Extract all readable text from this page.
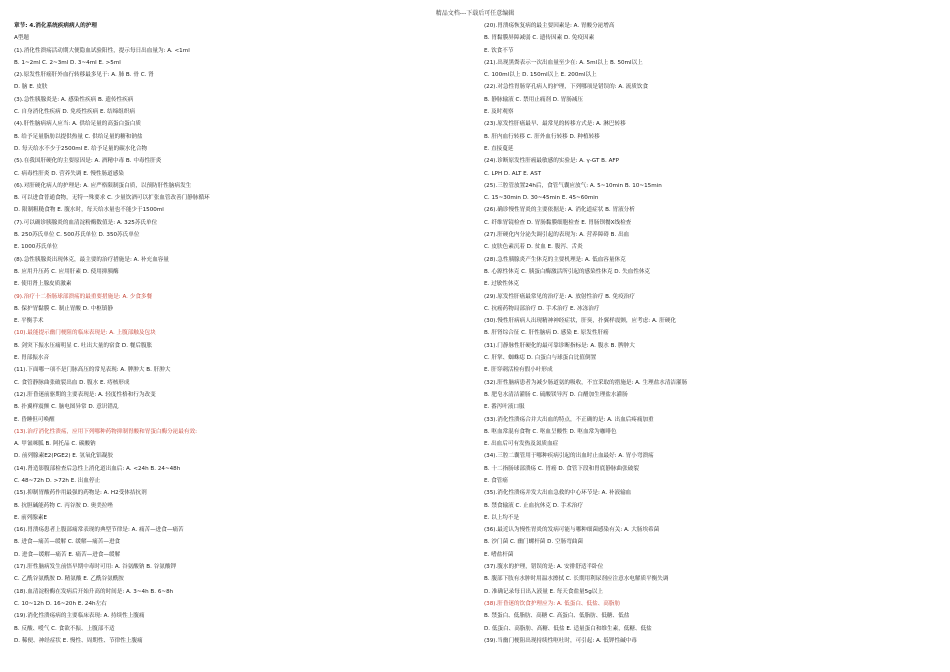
精品文档---下载后可任意编辑
章节: 4.消化系统疾病病人的护理
A型题
(1).消化性溃疡活动期大便隐血试验阳性，提示每日出血量为: A. <1ml
B. 1~2ml C. 2~3ml D. 3~4ml E. >5ml
(2).原发性肝癌肝外血行转移最多见于: A. 肺 B. 骨 C. 肾
D. 脑 E. 皮肤
(3).急性胰腺炎是: A. 感染性疾病 B. 遗传性疾病
C. 自身消化性疾病 D. 免疫性疾病 E. 结缔组织病
(4).肝性脑病病人应当: A. 供给足量的高蛋白蛋白质
B. 给予足量脂肪以提供热量 C. 供给足量的糖和钠盐
D. 每天给水不少于2500ml E. 给予足量的碳水化合物
(5).在我国肝硬化的主要原因是: A. 酒精中毒 B. 中毒性肝炎
C. 病毒性肝炎 D. 营养失调 E. 慢性肠道感染
(6).对肝硬化病人的护理是: A. 应严格限制蛋白质，以预防肝性脑病发生
B. 可以进食普通食物，无特一殊要求 C. 少量饮酒可以扩张血管改善门静脉循环
D. 限制粗糙食物 E. 腹水时，每天给水量也不能少于1500ml
(7).可以确诊胰腺炎的血清淀粉酶数值是: A. 325苏氏单位
B. 250苏氏单位 C. 500苏氏单位 D. 350苏氏单位
E. 1000苏氏单位
(8).急性胰腺炎出现休克，最主要的治疗措施是: A. 补充血容量
B. 应用升压药 C. 应用肝素 D. 使用抑胰酶
E. 使用肾上腺皮质激素
(9).治疗十二指肠球部溃疡的最重要措施是: A. 少食多餐
B. 保护胃黏膜 C. 制止胃酸 D. 中枢镇静
E. 平衡手术
(10).最能提示幽门梗阻的临床表现是: A. 上腹部触及包块
B. 剑突下振水压痛明显 C. 吐出大量的宿食 D. 餐后腹胀
E. 胃部振水音
(11).下面哪一项不是门脉高压的常见表现: A. 脾肿大 B. 肝肿大
C. 食管静脉曲张破裂出血 D. 腹水 E. 痔核形成
(12).肝昏迷前驱期的主要表现是: A. 轻度性格和行为改变
B. 扑翼样震颤 C. 脑电图异常 D. 意识错乱
E. 昏睡但可唤醒
(13).治疗消化性溃疡，应用下列哪种药物抑制胃酸和胃蛋白酶分泌最有效:
A. 甲氰咪胍 B. 阿托品 C. 碳酸钠
D. 前列腺素E2(PGE2) E. 氢氧化铝凝胶
(14).肾造影腹部检查后急性上消化道出血后: A. <24h B. 24~48h
C. 48~72h D. >72h E. 出血停止
(15).抑制胃酸药作用最强的药物是: A. H2受体拮抗剂
B. 抗胆碱能药物 C. 丙谷胺 D. 奥美拉唑
E. 前列腺素E
(16).胃溃疡患者上腹部痛常表现的典型节律是: A. 痛苦—进食—痛苦
B. 进食—痛苦—缓解 C. 缓解—痛苦—进食
D. 进食—缓解—痛苦 E. 痛苦—进食—缓解
(17).肝性脑病发生前悟早期中毒时可用: A. 谷氨酸钠 B. 谷氨酸钾
C. 乙酰谷氨酰胺 D. 精氨酸 E. 乙酰谷氨酰胺
(18).血清淀粉酶在发病后开始升高的时间是: A. 3~4h B. 6~8h
C. 10~12h D. 16~20h E. 24h左右
(19).消化性溃疡病的主要临床表现: A. 持续性上腹痛
B. 反酸、嗳气 C. 食欲不振、上腹部不适
D. 稀便、神经症状 E. 慢性、周期性、节律性上腹痛
(20).胃溃疡恢复病的最主要因素是: A. 胃酸分泌增高
B. 胃黏膜屏障减弱 C. 遗传因素 D. 免疫因素
E. 饮食不节
(21).出现黑粪表示一次出血量至少在: A. 5ml以上 B. 50ml以上
C. 100ml以上 D. 150ml以上 E. 200ml以上
(22).对急性胃肠穿孔病人的护理，下列哪项是错误的: A. 流质饮食
B. 静脉输液 C. 禁用止痛剂 D. 胃肠减压
E. 及时观察
(23).原发性肝癌最早、最常见的转移方式是: A. 淋巴转移
B. 肝内血行转移 C. 肝外血行转移 D. 种植转移
E. 直接蔓延
(24).诊断原发性肝癌最敏感的实验是: A. γ-GT B. AFP
C. LPH D. ALT E. AST
(25).三腔管放置24h后，食管气囊应放气: A. 5~10min B. 10~15min
C. 15~30min D. 30~45min E. 45~60min
(26).确诊慢性胃炎的主要依据是: A. 消化道症状 B. 胃液分析
C. 纤维胃镜检查 D. 胃肠黏膜细胞检查 E. 胃肠钡餐X线检查
(27).肝硬化内分泌失调引起的表现为: A. 营养障碍 B. 出血
C. 皮肤色素沉着 D. 贫血 E. 腹泻、舌炎
(28).急性胰腺炎产生休克的主要机理是: A. 低血容量休克
B. 心源性休克 C. 胰蛋白酶激活所引起的感染性休克 D. 失血性休克
E. 过敏性休克
(29).原发性肝癌最常见的治疗是: A. 放射性治疗 B. 免疫治疗
C. 抗癌药物局部治疗 D. 手术治疗 E. 冰冻治疗
(30).慢性肝病病人出现精神神经症状，肝臭，扑翼样震颤，应考虑: A. 肝硬化
B. 肝肾综合征 C. 肝性脑病 D. 感染 E. 原发性肝癌
(31).门静脉性肝硬化的最可靠诊断指标是: A. 腹水 B. 脾肿大
C. 肝掌、蜘蛛痣 D. 白蛋白与球蛋白比值倒置
E. 肝穿刺活检有假小叶形成
(32).肝性脑病患者为减少肠道氨的吸收，不宜采取的措施是: A. 生理盐水清洁灌肠
B. 肥皂水清洁灌肠 C. 硫酸镁导泻 D. 白醋加生理盐水灌肠
E. 番泻叶液口服
(33).消化性溃疡合并大出血的特点，不正确的是: A. 出血后疼痛加重
B. 呕血常混有食物 C. 呕血呈酸性 D. 呕血常为咖啡色
E. 出血后可有发热及氮质血症
(34).三腔二囊管用于哪种疾病引起的出血时止血最好: A. 胃小弯溃疡
B. 十二指肠球部溃疡 C. 胃癌 D. 食管下段和胃底静脉曲张破裂
E. 食管癌
(35).消化性溃疡并发大出血急救的中心环节是: A. 补液输血
B. 禁食输液 C. 止血抗休克 D. 手术治疗
E. 以上均不是
(36).最近认为慢性胃炎的发病可能与哪种细菌感染有关: A. 大肠埃希菌
B. 沙门菌 C. 幽门螺杆菌 D. 空肠弯曲菌
E. 嗜盐杆菌
(37).腹水的护理，错误的是: A. 安排舒适半卧位
B. 腹部下肢有水肿时用温水擦拭 C. 长期用利尿剂应注意水电解质平衡失调
D. 准确记录每日出入液量 E. 每天食盐量5g以上
(38).肝昏迷的饮食护理应为: A. 低蛋白、低盐、高脂肪
B. 禁蛋白、低脂肪、高糖 C. 高蛋白、低脂肪、低糖、低盐
D. 低蛋白、高脂肪、高糖、低盐 E. 适量蛋白和维生素，低糖、低盐
(39).当幽门梗阻出现持续性呕吐时，可引起: A. 低钾性碱中毒
